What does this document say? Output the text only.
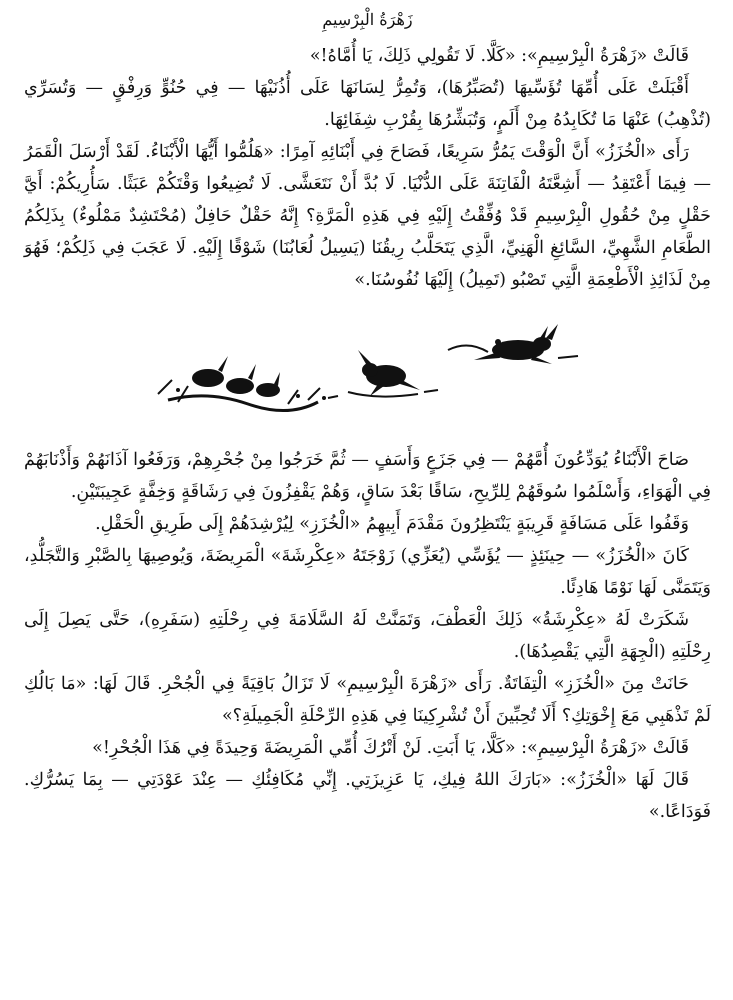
زَهْرَةُ الْبِرْسِيمِ

قَالَتْ «زَهْرَةُ الْبِرْسِيمِ»: «كَلَّا. لَا تَقُولِي ذَلِكَ، يَا أُمَّاهُ!»

أَقْبَلَتْ عَلَى أُمِّهَا تُؤَسِّيهَا (تُصَبِّرُهَا)، وَتُمِرُّ لِسَانَهَا عَلَى أُذُنَيْهَا — فِي حُنُوٍّ وَرِفْقٍ — وَتُسَرِّي (تُذْهِبُ) عَنْهَا مَا تُكَابِدُهُ مِنْ أَلَمٍ، وَتُبَشِّرُهَا بِقُرْبِ شِفَائِهَا.

رَأَى «الْخُزَزُ» أَنَّ الْوَقْتَ يَمُرُّ سَرِيعًا، فَصَاحَ فِي أَبْنَائِهِ آمِرًا: «هَلُمُّوا أَيُّهَا الْأَبْنَاءُ. لَقَدْ أَرْسَلَ الْقَمَرُ — فِيمَا أَعْتَقِدُ — أَشِعَّتَهُ الْفَاتِنَةَ عَلَى الدُّنْيَا. لَا بُدَّ أَنْ نَتَعَشَّى. لَا تُضِيعُوا وَقْتَكُمْ عَبَثًا. سَأُرِيكُمْ: أَيَّ حَقْلٍ مِنْ حُقُولِ الْبِرْسِيمِ قَدْ وُفِّقْتُ إِلَيْهِ فِي هَذِهِ الْمَرَّةِ؟ إِنَّهُ حَقْلٌ حَافِلٌ (مُحْتَشِدٌ مَمْلُوءٌ) بِذَلِكُمُ الطَّعَامِ الشَّهِيِّ، السَّائِغِ الْهَنِيِّ، الَّذِي يَتَحَلَّبُ رِيقُنَا (يَسِيلُ لُعَابُنَا) شَوْقًا إِلَيْهِ. لَا عَجَبَ فِي ذَلِكُمْ؛ فَهُوَ مِنْ لَذَائِذِ الْأَطْعِمَةِ الَّتِي تَصْبُو (تَمِيلُ) إِلَيْهَا نُفُوسُنَا.»

صَاحَ الْأَبْنَاءُ يُوَدِّعُونَ أُمَّهُمْ — فِي جَزَعٍ وَأَسَفٍ — ثُمَّ خَرَجُوا مِنْ جُحْرِهِمْ، وَرَفَعُوا آذَانَهُمْ وَأَذْنَابَهُمْ فِي الْهَوَاءِ، وَأَسْلَمُوا سُوقَهُمْ لِلرِّيحِ، سَاقًا بَعْدَ سَاقٍ، وَهُمْ يَقْفِزُونَ فِي رَشَاقَةٍ وَخِفَّةٍ عَجِيبَتَيْنِ.

وَقَفُوا عَلَى مَسَافَةٍ قَرِيبَةٍ يَنْتَظِرُونَ مَقْدَمَ أَبِيهِمُ «الْخُزَزِ» لِيُرْشِدَهُمْ إِلَى طَرِيقِ الْحَقْلِ.

كَانَ «الْخُزَزُ» — حِينَئِذٍ — يُؤَسِّي (يُعَزِّي) زَوْجَتَهُ «عِكْرِشَةَ» الْمَرِيضَةَ، وَيُوصِيهَا بِالصَّبْرِ وَالتَّجَلُّدِ، وَيَتَمَنَّى لَهَا نَوْمًا هَادِئًا.

شَكَرَتْ لَهُ «عِكْرِشَةُ» ذَلِكَ الْعَطْفَ، وَتَمَنَّتْ لَهُ السَّلَامَةَ فِي رِحْلَتِهِ (سَفَرِهِ)، حَتَّى يَصِلَ إِلَى رِحْلَتِهِ (الْجِهَةِ الَّتِي يَقْصِدُهَا).

حَانَتْ مِنَ «الْخُزَزِ» الْتِفَاتَةٌ. رَأَى «زَهْرَةَ الْبِرْسِيمِ» لَا تَزَالُ بَاقِيَةً فِي الْجُحْرِ. قَالَ لَهَا: «مَا بَالُكِ لَمْ تَذْهَبِي مَعَ إِخْوَتِكِ؟ أَلَا تُحِبِّينَ أَنْ تُشْرِكِينَا فِي هَذِهِ الرِّحْلَةِ الْجَمِيلَةِ؟»

قَالَتْ «زَهْرَةُ الْبِرْسِيمِ»: «كَلَّا، يَا أَبَتِ. لَنْ أَتْرُكَ أُمِّي الْمَرِيضَةَ وَحِيدَةً فِي هَذَا الْجُحْرِ!»

قَالَ لَهَا «الْخُزَزُ»: «بَارَكَ اللهُ فِيكِ، يَا عَزِيزَتِي. إِنِّي مُكَافِئُكِ — عِنْدَ عَوْدَتِي — بِمَا يَسُرُّكِ. فَوَدَاعًا.»
